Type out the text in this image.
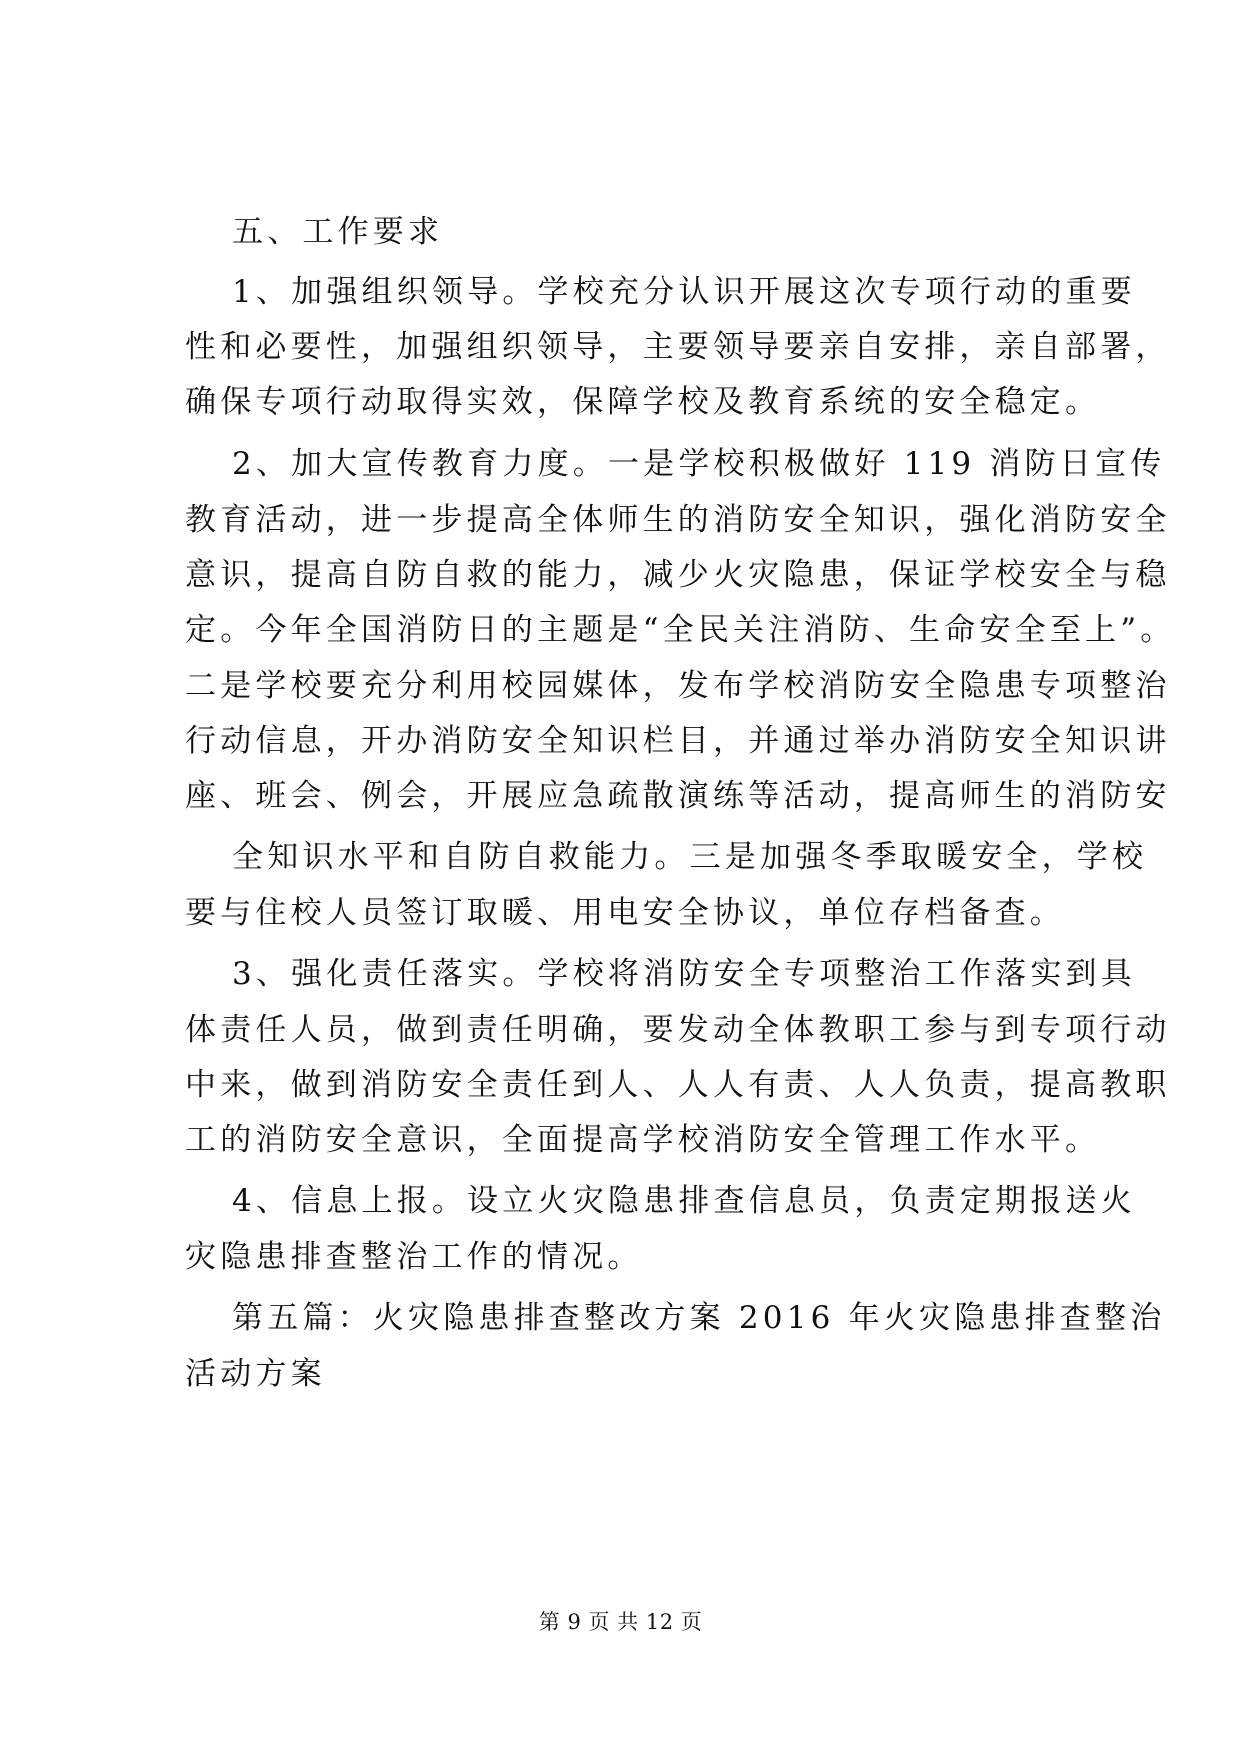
五、工作要求
1、加强组织领导。学校充分认识开展这次专项行动的重要
性和必要性，加强组织领导，主要领导要亲自安排，亲自部署，
确保专项行动取得实效，保障学校及教育系统的安全稳定。
2、加大宣传教育力度。一是学校积极做好 119 消防日宣传
教育活动，进一步提高全体师生的消防安全知识，强化消防安全
意识，提高自防自救的能力，减少火灾隐患，保证学校安全与稳
定。今年全国消防日的主题是“全民关注消防、生命安全至上”。
二是学校要充分利用校园媒体，发布学校消防安全隐患专项整治
行动信息，开办消防安全知识栏目，并通过举办消防安全知识讲
座、班会、例会，开展应急疏散演练等活动，提高师生的消防安
全知识水平和自防自救能力。三是加强冬季取暖安全，学校
要与住校人员签订取暖、用电安全协议，单位存档备查。
3、强化责任落实。学校将消防安全专项整治工作落实到具
体责任人员，做到责任明确，要发动全体教职工参与到专项行动
中来，做到消防安全责任到人、人人有责、人人负责，提高教职
工的消防安全意识，全面提高学校消防安全管理工作水平。
4、信息上报。设立火灾隐患排查信息员，负责定期报送火
灾隐患排查整治工作的情况。
第五篇：火灾隐患排查整改方案 2016 年火灾隐患排查整治
活动方案
第 9 页 共 12 页
